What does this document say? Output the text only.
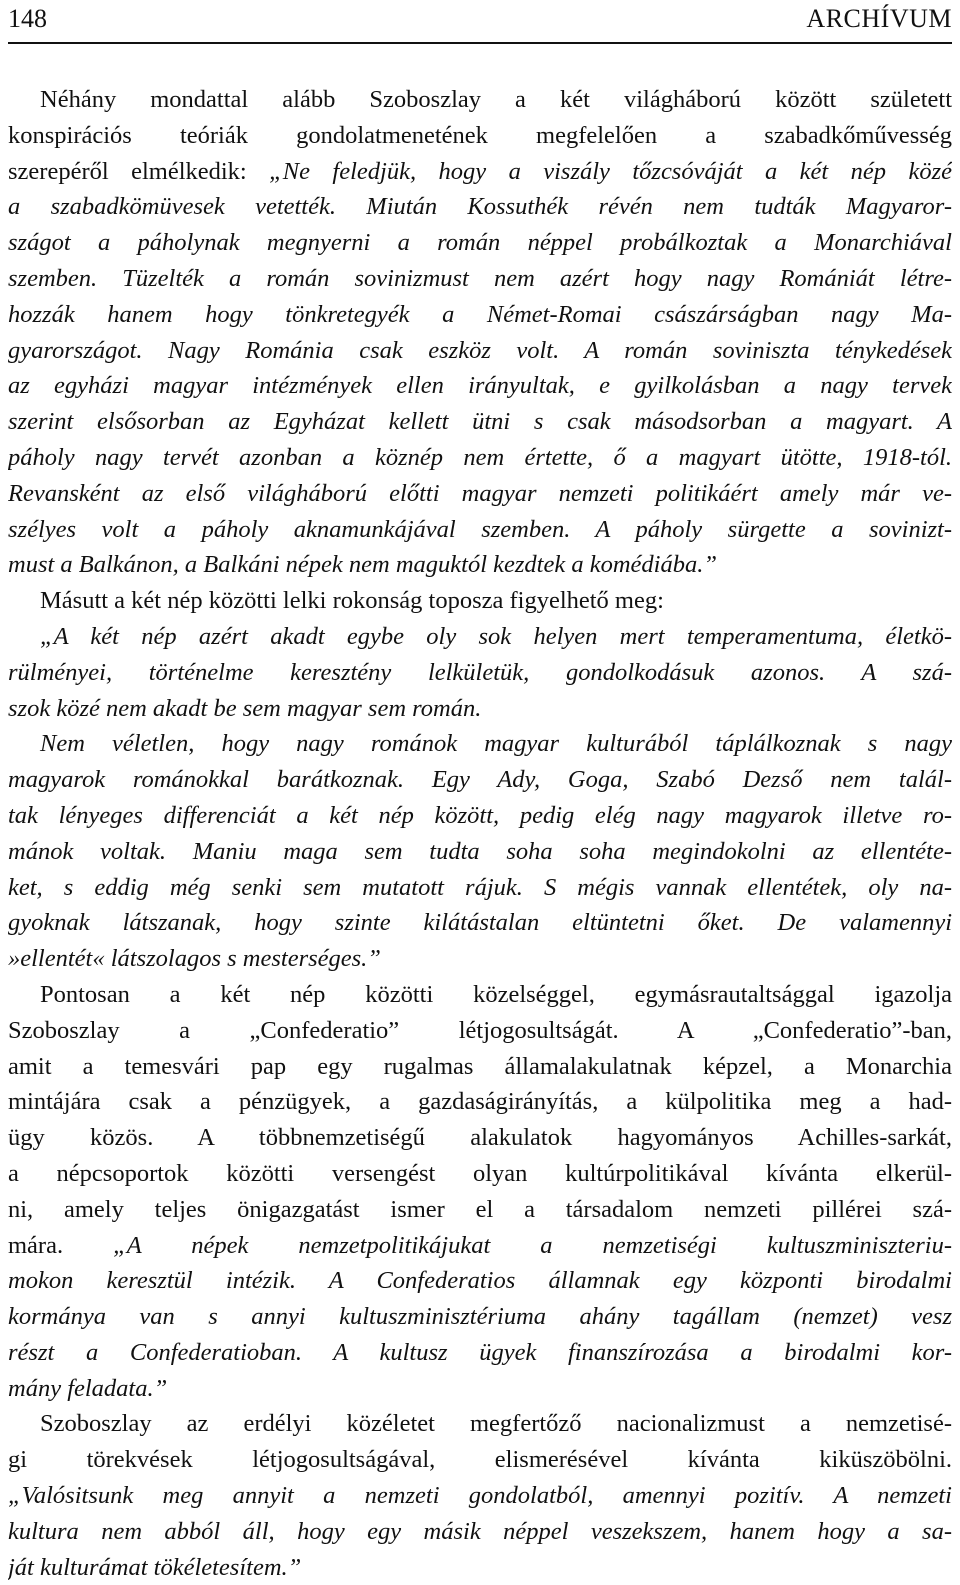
148	ARCHÍVUM
Néhány mondattal alább Szoboszlay a két világháború között született
konspirációs teóriák gondolatmenetének megfelelően a szabadkőművesség
szerepéről elmélkedik: „Ne feledjük, hogy a viszály tőzcsóváját a két nép közé
a szabadkömüvesek vetették. Miután Kossuthék révén nem tudták Magyaror-
szágot a páholynak megnyerni a román néppel probálkoztak a Monarchiával
szemben. Tüzelték a román sovinizmust nem azért hogy nagy Romániát létre-
hozzák hanem hogy tönkretegyék a Német-Romai császárságban nagy Ma-
gyarországot. Nagy Románia csak eszköz volt. A román soviniszta ténykedések
az egyházi magyar intézmények ellen irányultak, e gyilkolásban a nagy tervek
szerint elsősorban az Egyházat kellett ütni s csak másodsorban a magyart. A
páholy nagy tervét azonban a köznép nem értette, ő a magyart ütötte, 1918-tól.
Revansként az első világháború előtti magyar nemzeti politikáért amely már ve-
szélyes volt a páholy aknamunkájával szemben. A páholy sürgette a sovinizt-
must a Balkánon, a Balkáni népek nem maguktól kezdtek a komédiába.”
Másutt a két nép közötti lelki rokonság toposza figyelhető meg:
„A két nép azért akadt egybe oly sok helyen mert temperamentuma, életkö-
rülményei, történelme keresztény lelkületük, gondolkodásuk azonos. A szá-
szok közé nem akadt be sem magyar sem román.
Nem véletlen, hogy nagy románok magyar kulturából táplálkoznak s nagy
magyarok románokkal barátkoznak. Egy Ady, Goga, Szabó Dezső nem talál-
tak lényeges differenciát a két nép között, pedig elég nagy magyarok illetve ro-
mánok voltak. Maniu maga sem tudta soha soha megindokolni az ellentéte-
ket, s eddig még senki sem mutatott rájuk. S mégis vannak ellentétek, oly na-
gyoknak látszanak, hogy szinte kilátástalan eltüntetni őket. De valamennyi
»ellentét« látszolagos s mesterséges.”
Pontosan a két nép közötti közelséggel, egymásrautaltsággal igazolja
Szoboszlay a „Confederatio” létjogosultságát. A „Confederatio”-ban,
amit a temesvári pap egy rugalmas államalakulatnak képzel, a Monarchia
mintájára csak a pénzügyek, a gazdaságirányítás, a külpolitika meg a had-
ügy közös. A többnemzetiségű alakulatok hagyományos Achilles-sarkát,
a népcsoportok közötti versengést olyan kultúrpolitikával kívánta elkerül-
ni, amely teljes önigazgatást ismer el a társadalom nemzeti pillérei szá-
mára. „A népek nemzetpolitikájukat a nemzetiségi kultuszminiszteriu-
mokon keresztül intézik. A Confederatios államnak egy központi birodalmi
kormánya van s annyi kultuszminisztériuma ahány tagállam (nemzet) vesz
részt a Confederatioban. A kultusz ügyek finanszírozása a birodalmi kor-
mány feladata.”
Szoboszlay az erdélyi közéletet megfertőző nacionalizmust a nemzetisé-
gi törekvések létjogosultságával, elismerésével kívánta kiküszöbölni.
„Valósitsunk meg annyit a nemzeti gondolatból, amennyi pozitív. A nemzeti
kultura nem abból áll, hogy egy másik néppel veszekszem, hanem hogy a sa-
ját kulturámat tökéletesítem.”
